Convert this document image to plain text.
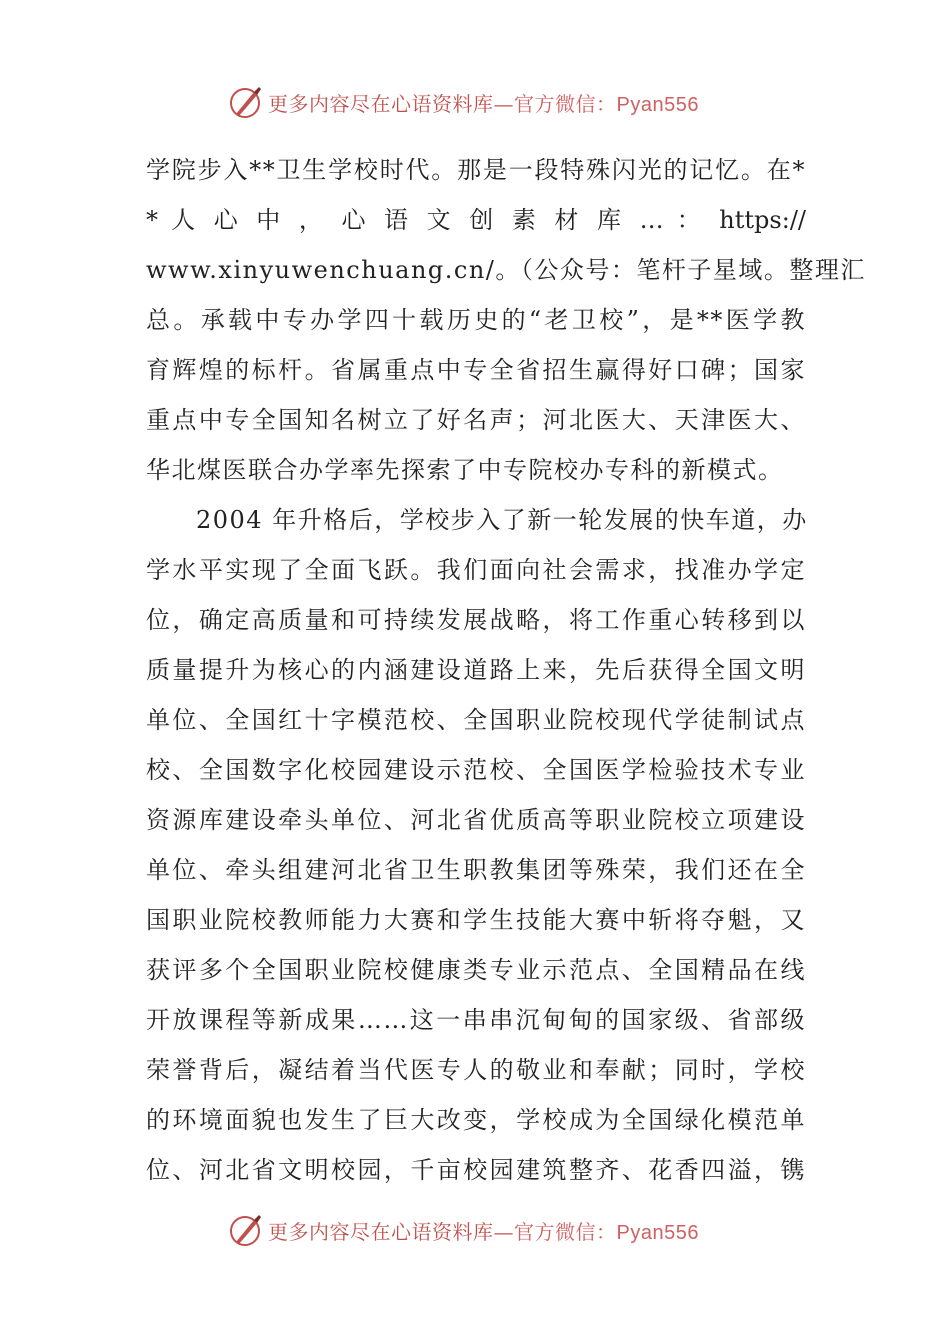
更多内容尽在心语资料库—官方微信：Pyan556
学院步入**卫生学校时代。那是一段特殊闪光的记忆。在*
* 人 心 中 ， 心 语 文 创 素 材 库 … ： https://
www.xinyuwenchuang.cn/。（公众号：笔杆子星域。整理汇
总。承载中专办学四十载历史的“老卫校”，是**医学教
育辉煌的标杆。省属重点中专全省招生赢得好口碑；国家
重点中专全国知名树立了好名声；河北医大、天津医大、
华北煤医联合办学率先探索了中专院校办专科的新模式。
2004 年升格后，学校步入了新一轮发展的快车道，办
学水平实现了全面飞跃。我们面向社会需求，找准办学定
位，确定高质量和可持续发展战略，将工作重心转移到以
质量提升为核心的内涵建设道路上来，先后获得全国文明
单位、全国红十字模范校、全国职业院校现代学徒制试点
校、全国数字化校园建设示范校、全国医学检验技术专业
资源库建设牵头单位、河北省优质高等职业院校立项建设
单位、牵头组建河北省卫生职教集团等殊荣，我们还在全
国职业院校教师能力大赛和学生技能大赛中斩将夺魁，又
获评多个全国职业院校健康类专业示范点、全国精品在线
开放课程等新成果……这一串串沉甸甸的国家级、省部级
荣誉背后，凝结着当代医专人的敬业和奉献；同时，学校
的环境面貌也发生了巨大改变，学校成为全国绿化模范单
位、河北省文明校园，千亩校园建筑整齐、花香四溢，镌
更多内容尽在心语资料库—官方微信：Pyan556
